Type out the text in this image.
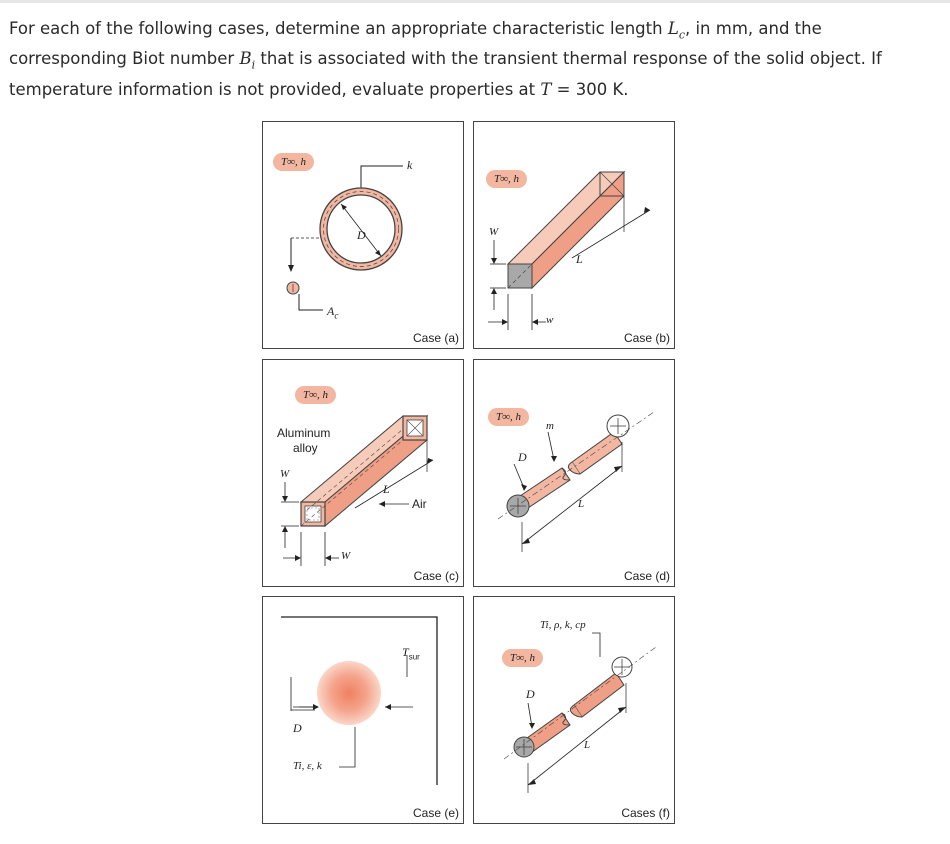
For each of the following cases, determine an appropriate characteristic length $L_c$, in mm, and the corresponding Biot number $B_i$ that is associated with the transient thermal response of the solid object. If temperature information is not provided, evaluate properties at T = 300 K.
T∞, h	k
D
$A_c$
Case (a)
T∞, h
W
w
L
Case (b)
T∞, h
Aluminum
alloy
W
W
L
Air
Case (c)
T∞, h
m
D
L
Case (d)
$T_{sur}$
D
Ti, ε, k
Case (e)
Ti, ρ, k, cp
T∞, h
D
L
Cases (f)
